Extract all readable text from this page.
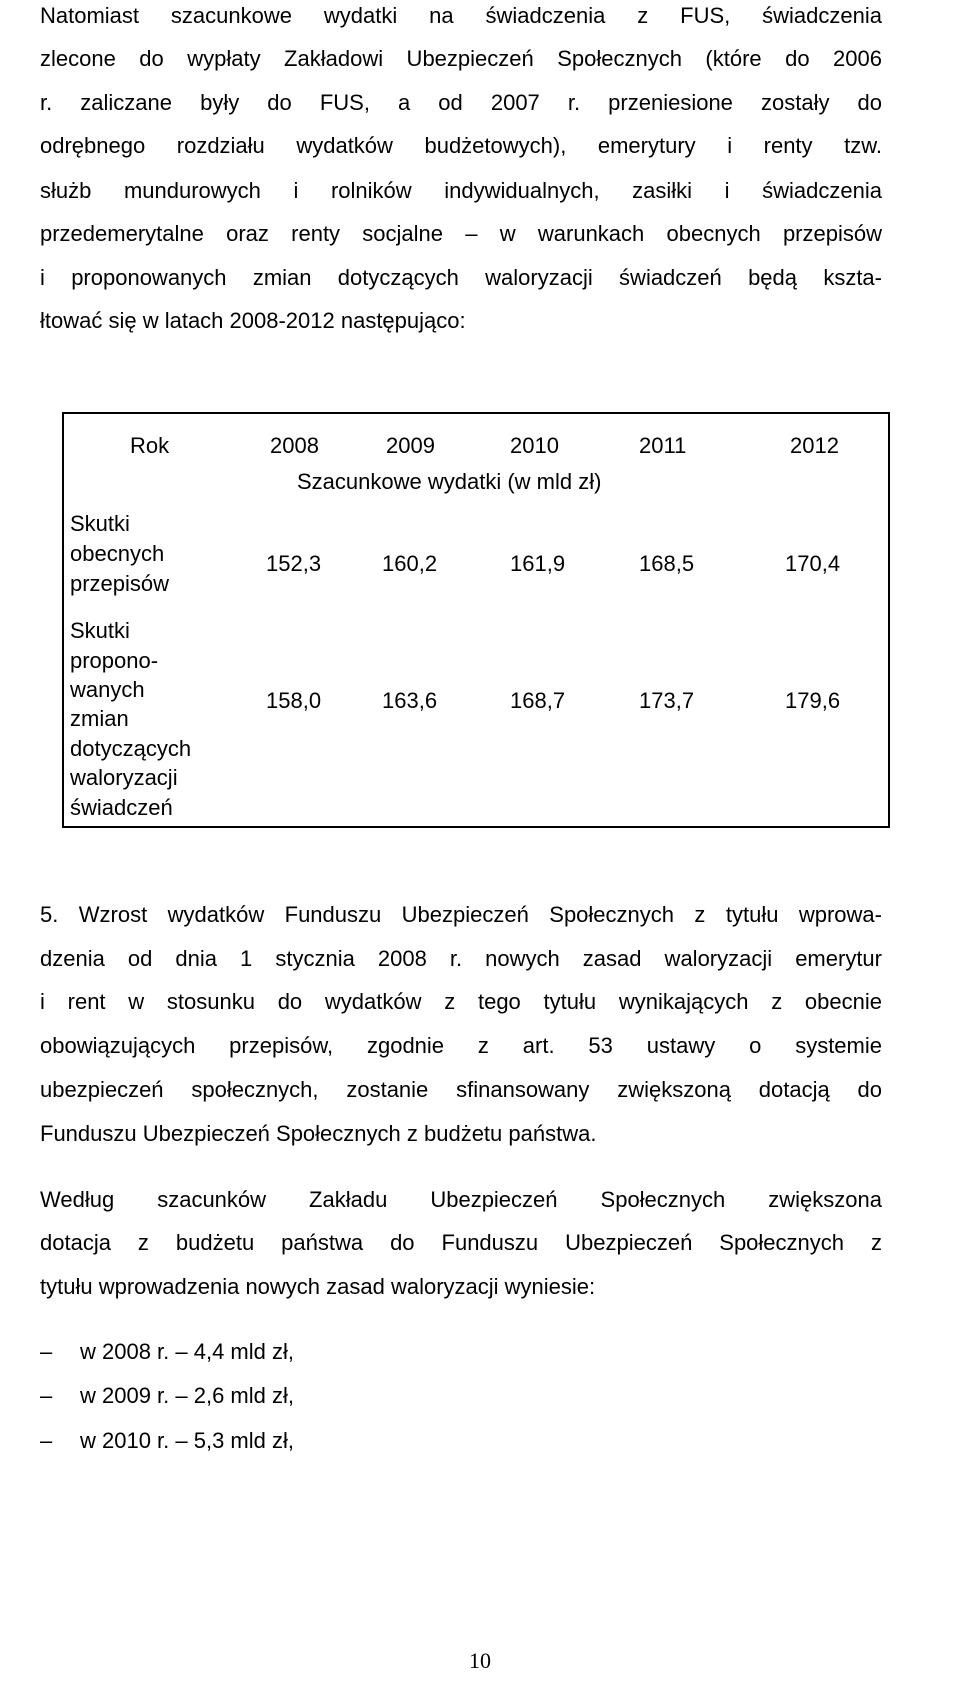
Natomiast szacunkowe wydatki na świadczenia z FUS, świadczenia
zlecone do wypłaty Zakładowi Ubezpieczeń Społecznych (które do 2006
r. zaliczane były do FUS, a od 2007 r. przeniesione zostały do
odrębnego rozdziału wydatków budżetowych), emerytury i renty tzw.
służb mundurowych i rolników indywidualnych, zasiłki i świadczenia
przedemerytalne oraz renty socjalne – w warunkach obecnych przepisów
i proponowanych zmian dotyczących waloryzacji świadczeń będą kszta-
łtować się w latach 2008-2012 następująco:
Rok	2008	2009	2010	2011	2012
Szacunkowe wydatki (w mld zł)
Skutki
obecnych
przepisów
152,3	160,2	161,9	168,5	170,4
Skutki
propono-
wanych
zmian
dotyczących
waloryzacji
świadczeń
158,0	163,6	168,7	173,7	179,6
5. Wzrost wydatków Funduszu Ubezpieczeń Społecznych z tytułu wprowa-
dzenia od dnia 1 stycznia 2008 r. nowych zasad waloryzacji emerytur
i rent w stosunku do wydatków z tego tytułu wynikających z obecnie
obowiązujących przepisów, zgodnie z art. 53 ustawy o systemie
ubezpieczeń społecznych, zostanie sfinansowany zwiększoną dotacją do
Funduszu Ubezpieczeń Społecznych z budżetu państwa.
Według szacunków Zakładu Ubezpieczeń Społecznych zwiększona
dotacja z budżetu państwa do Funduszu Ubezpieczeń Społecznych z
tytułu wprowadzenia nowych zasad waloryzacji wyniesie:
– w 2008 r. – 4,4 mld zł,
– w 2009 r. – 2,6 mld zł,
– w 2010 r. – 5,3 mld zł,
10
